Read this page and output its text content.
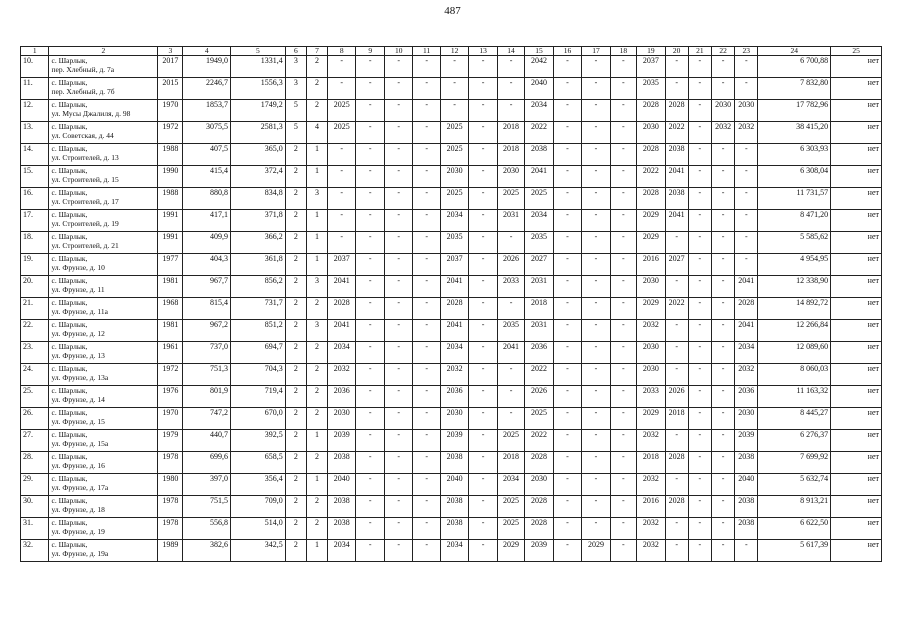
487
1	2	3	4	5	6	7	8	9	10	11	12	13	14	15	16	17	18	19	20	21	22	23	24	25
10.	с. Шарлык,
пер. Хлебный, д. 7а	2017	1949,0	1331,4	3	2	-	-	-	-	-	-	-	2042	-	-	-	2037	-	-	-	-	6 700,88	нет
11.	с. Шарлык,
пер. Хлебный, д. 7б	2015	2246,7	1556,3	3	2	-	-	-	-	-	-	-	2040	-	-	-	2035	-	-	-	-	7 832,80	нет
12.	с. Шарлык,
ул. Мусы Джалиля, д. 98	1970	1853,7	1749,2	5	2	2025	-	-	-	-	-	-	2034	-	-	-	2028	2028	-	2030	2030	17 782,96	нет
13.	с. Шарлык,
ул. Советская, д. 44	1972	3075,5	2581,3	5	4	2025	-	-	-	2025	-	2018	2022	-	-	-	2030	2022	-	2032	2032	38 415,20	нет
14.	с. Шарлык,
ул. Строителей, д. 13	1988	407,5	365,0	2	1	-	-	-	-	2025	-	2018	2038	-	-	-	2028	2038	-	-	-	6 303,93	нет
15.	с. Шарлык,
ул. Строителей, д. 15	1990	415,4	372,4	2	1	-	-	-	-	2030	-	2030	2041	-	-	-	2022	2041	-	-	-	6 308,04	нет
16.	с. Шарлык,
ул. Строителей, д. 17	1988	880,8	834,8	2	3	-	-	-	-	2025	-	2025	2025	-	-	-	2028	2038	-	-	-	11 731,57	нет
17.	с. Шарлык,
ул. Строителей, д. 19	1991	417,1	371,8	2	1	-	-	-	-	2034	-	2031	2034	-	-	-	2029	2041	-	-	-	8 471,20	нет
18.	с. Шарлык,
ул. Строителей, д. 21	1991	409,9	366,2	2	1	-	-	-	-	2035	-	-	2035	-	-	-	2029	-	-	-	-	5 585,62	нет
19.	с. Шарлык,
ул. Фрунзе, д. 10	1977	404,3	361,8	2	1	2037	-	-	-	2037	-	2026	2027	-	-	-	2016	2027	-	-	-	4 954,95	нет
20.	с. Шарлык,
ул. Фрунзе, д. 11	1981	967,7	856,2	2	3	2041	-	-	-	2041	-	2033	2031	-	-	-	2030	-	-	-	2041	12 338,90	нет
21.	с. Шарлык,
ул. Фрунзе, д. 11а	1968	815,4	731,7	2	2	2028	-	-	-	2028	-	-	2018	-	-	-	2029	2022	-	-	2028	14 892,72	нет
22.	с. Шарлык,
ул. Фрунзе, д. 12	1981	967,2	851,2	2	3	2041	-	-	-	2041	-	2035	2031	-	-	-	2032	-	-	-	2041	12 266,84	нет
23.	с. Шарлык,
ул. Фрунзе, д. 13	1961	737,0	694,7	2	2	2034	-	-	-	2034	-	2041	2036	-	-	-	2030	-	-	-	2034	12 089,60	нет
24.	с. Шарлык,
ул. Фрунзе, д. 13а	1972	751,3	704,3	2	2	2032	-	-	-	2032	-	-	2022	-	-	-	2030	-	-	-	2032	8 060,03	нет
25.	с. Шарлык,
ул. Фрунзе, д. 14	1976	801,9	719,4	2	2	2036	-	-	-	2036	-	-	2026	-	-	-	2033	2026	-	-	2036	11 163,32	нет
26.	с. Шарлык,
ул. Фрунзе, д. 15	1970	747,2	670,0	2	2	2030	-	-	-	2030	-	-	2025	-	-	-	2029	2018	-	-	2030	8 445,27	нет
27.	с. Шарлык,
ул. Фрунзе, д. 15а	1979	440,7	392,5	2	1	2039	-	-	-	2039	-	2025	2022	-	-	-	2032	-	-	-	2039	6 276,37	нет
28.	с. Шарлык,
ул. Фрунзе, д. 16	1978	699,6	658,5	2	2	2038	-	-	-	2038	-	2018	2028	-	-	-	2018	2028	-	-	2038	7 699,92	нет
29.	с. Шарлык,
ул. Фрунзе, д. 17а	1980	397,0	356,4	2	1	2040	-	-	-	2040	-	2034	2030	-	-	-	2032	-	-	-	2040	5 632,74	нет
30.	с. Шарлык,
ул. Фрунзе, д. 18	1978	751,5	709,0	2	2	2038	-	-	-	2038	-	2025	2028	-	-	-	2016	2028	-	-	2038	8 913,21	нет
31.	с. Шарлык,
ул. Фрунзе, д. 19	1978	556,8	514,0	2	2	2038	-	-	-	2038	-	2025	2028	-	-	-	2032	-	-	-	2038	6 622,50	нет
32.	с. Шарлык,
ул. Фрунзе, д. 19а	1989	382,6	342,5	2	1	2034	-	-	-	2034	-	2029	2039	-	2029	-	2032	-	-	-	-	5 617,39	нет
